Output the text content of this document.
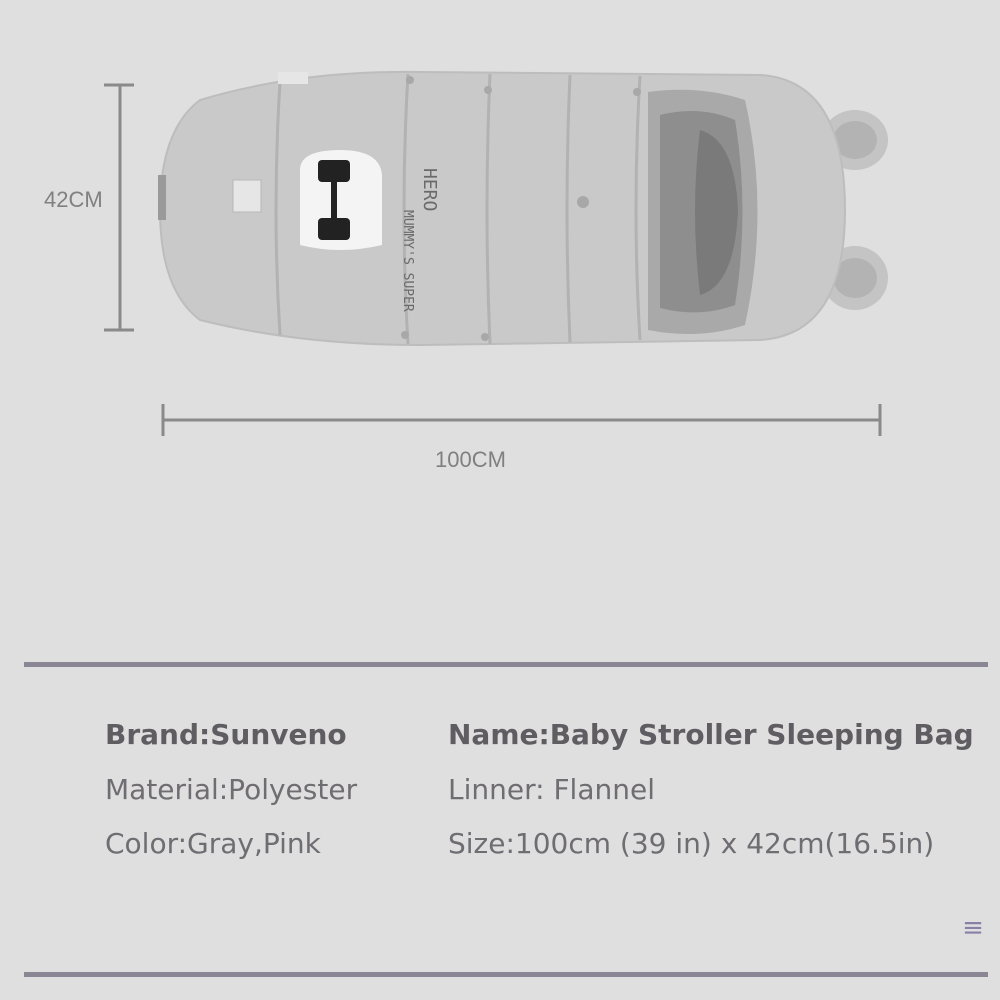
MUMMY'S SUPER
HERO
42CM
100CM
Brand:Sunveno
Material:Polyester
Color:Gray,Pink
Name:Baby Stroller Sleeping Bag
Linner: Flannel
Size:100cm (39 in) x 42cm(16.5in)
≡
